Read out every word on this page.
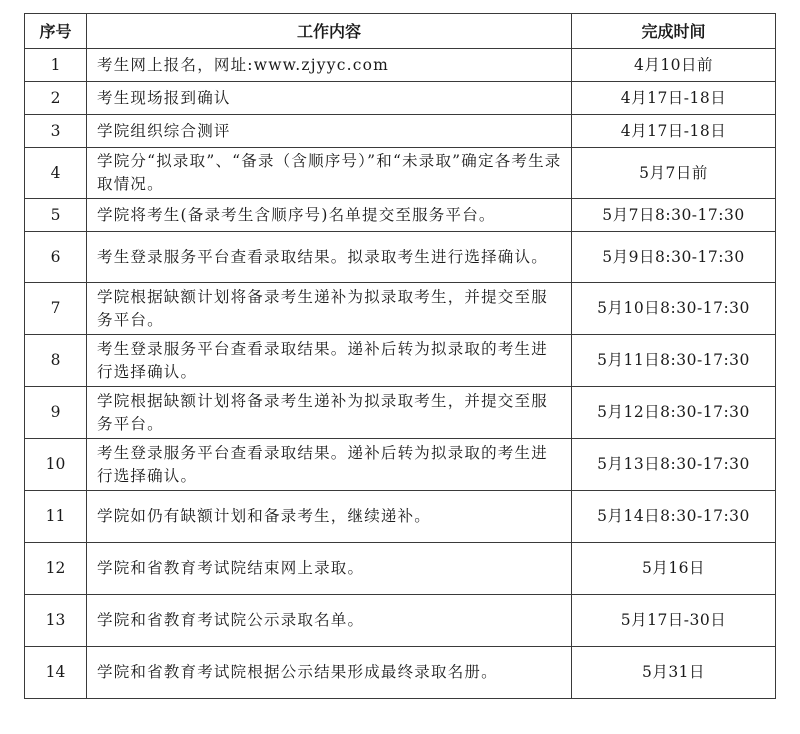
序号	工作内容	完成时间
1	考生网上报名，网址:www.zjyyc.com	4月10日前
2	考生现场报到确认	4月17日-18日
3	学院组织综合测评	4月17日-18日
4	学院分“拟录取”、“备录（含顺序号）”和“未录取”确定各考生录取情况。	5月7日前
5	学院将考生(备录考生含顺序号)名单提交至服务平台。	5月7日8:30-17:30
6	考生登录服务平台查看录取结果。拟录取考生进行选择确认。	5月9日8:30-17:30
7	学院根据缺额计划将备录考生递补为拟录取考生，并提交至服务平台。	5月10日8:30-17:30
8	考生登录服务平台查看录取结果。递补后转为拟录取的考生进行选择确认。	5月11日8:30-17:30
9	学院根据缺额计划将备录考生递补为拟录取考生，并提交至服务平台。	5月12日8:30-17:30
10	考生登录服务平台查看录取结果。递补后转为拟录取的考生进行选择确认。	5月13日8:30-17:30
11	学院如仍有缺额计划和备录考生，继续递补。	5月14日8:30-17:30
12	学院和省教育考试院结束网上录取。	5月16日
13	学院和省教育考试院公示录取名单。	5月17日-30日
14	学院和省教育考试院根据公示结果形成最终录取名册。	5月31日
